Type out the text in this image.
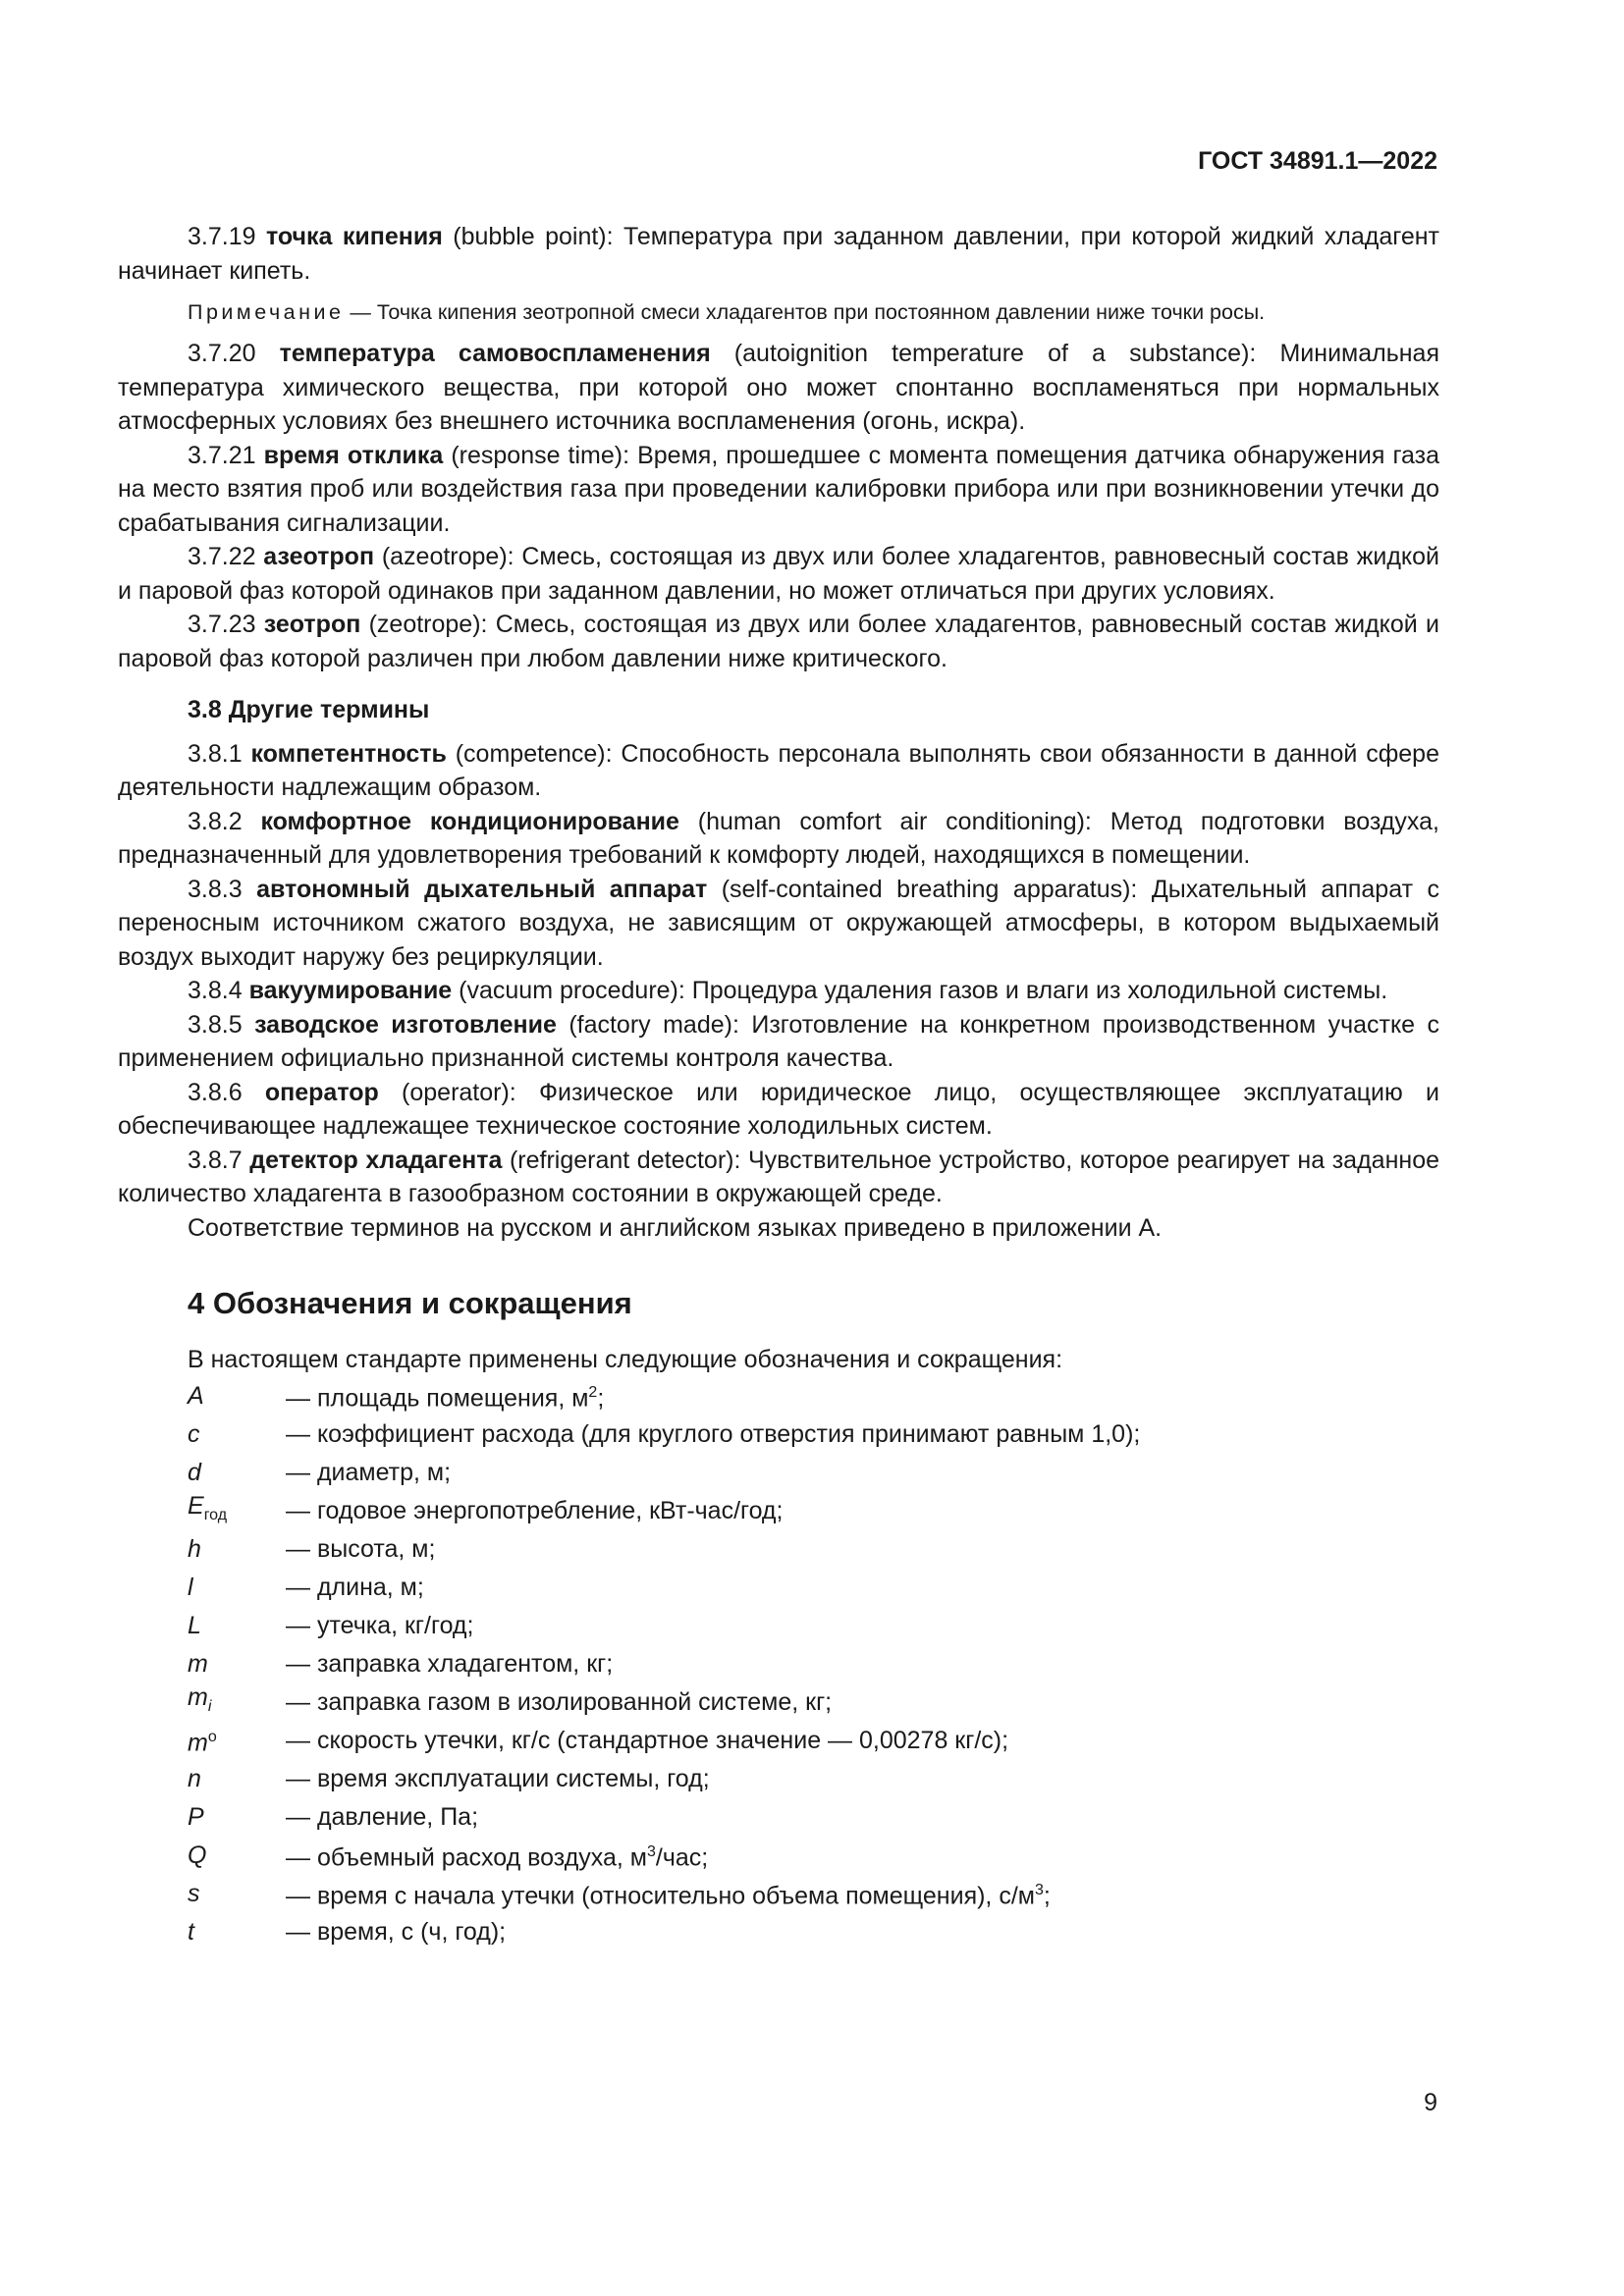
ГОСТ 34891.1—2022

3.7.19 точка кипения (bubble point): Температура при заданном давлении, при которой жидкий хладагент начинает кипеть.

Примечание — Точка кипения зеотропной смеси хладагентов при постоянном давлении ниже точки росы.

3.7.20 температура самовоспламенения (autoignition temperature of a substance): Минимальная температура химического вещества, при которой оно может спонтанно воспламеняться при нормальных атмосферных условиях без внешнего источника воспламенения (огонь, искра).

3.7.21 время отклика (response time): Время, прошедшее с момента помещения датчика обнаружения газа на место взятия проб или воздействия газа при проведении калибровки прибора или при возникновении утечки до срабатывания сигнализации.

3.7.22 азеотроп (azeotrope): Смесь, состоящая из двух или более хладагентов, равновесный состав жидкой и паровой фаз которой одинаков при заданном давлении, но может отличаться при других условиях.

3.7.23 зеотроп (zeotrope): Смесь, состоящая из двух или более хладагентов, равновесный состав жидкой и паровой фаз которой различен при любом давлении ниже критического.

3.8 Другие термины

3.8.1 компетентность (competence): Способность персонала выполнять свои обязанности в данной сфере деятельности надлежащим образом.

3.8.2 комфортное кондиционирование (human comfort air conditioning): Метод подготовки воздуха, предназначенный для удовлетворения требований к комфорту людей, находящихся в помещении.

3.8.3 автономный дыхательный аппарат (self-contained breathing apparatus): Дыхательный аппарат с переносным источником сжатого воздуха, не зависящим от окружающей атмосферы, в котором выдыхаемый воздух выходит наружу без рециркуляции.

3.8.4 вакуумирование (vacuum procedure): Процедура удаления газов и влаги из холодильной системы.

3.8.5 заводское изготовление (factory made): Изготовление на конкретном производственном участке с применением официально признанной системы контроля качества.

3.8.6 оператор (operator): Физическое или юридическое лицо, осуществляющее эксплуатацию и обеспечивающее надлежащее техническое состояние холодильных систем.

3.8.7 детектор хладагента (refrigerant detector): Чувствительное устройство, которое реагирует на заданное количество хладагента в газообразном состоянии в окружающей среде.

Соответствие терминов на русском и английском языках приведено в приложении А.

4 Обозначения и сокращения

В настоящем стандарте применены следующие обозначения и сокращения:

A	— площадь помещения, $м^2$;
c	— коэффициент расхода (для круглого отверстия принимают равным 1,0);
d	— диаметр, м;
$E_{год}$	— годовое энергопотребление, кВт-час/год;
h	— высота, м;
l	— длина, м;
L	— утечка, кг/год;
m	— заправка хладагентом, кг;
$m_i$	— заправка газом в изолированной системе, кг;
$m^o$	— скорость утечки, кг/с (стандартное значение — 0,00278 кг/с);
n	— время эксплуатации системы, год;
P	— давление, Па;
Q	— объемный расход воздуха, $м^3$/час;
s	— время с начала утечки (относительно объема помещения), $с/м^3$;
t	— время, с (ч, год);
9
